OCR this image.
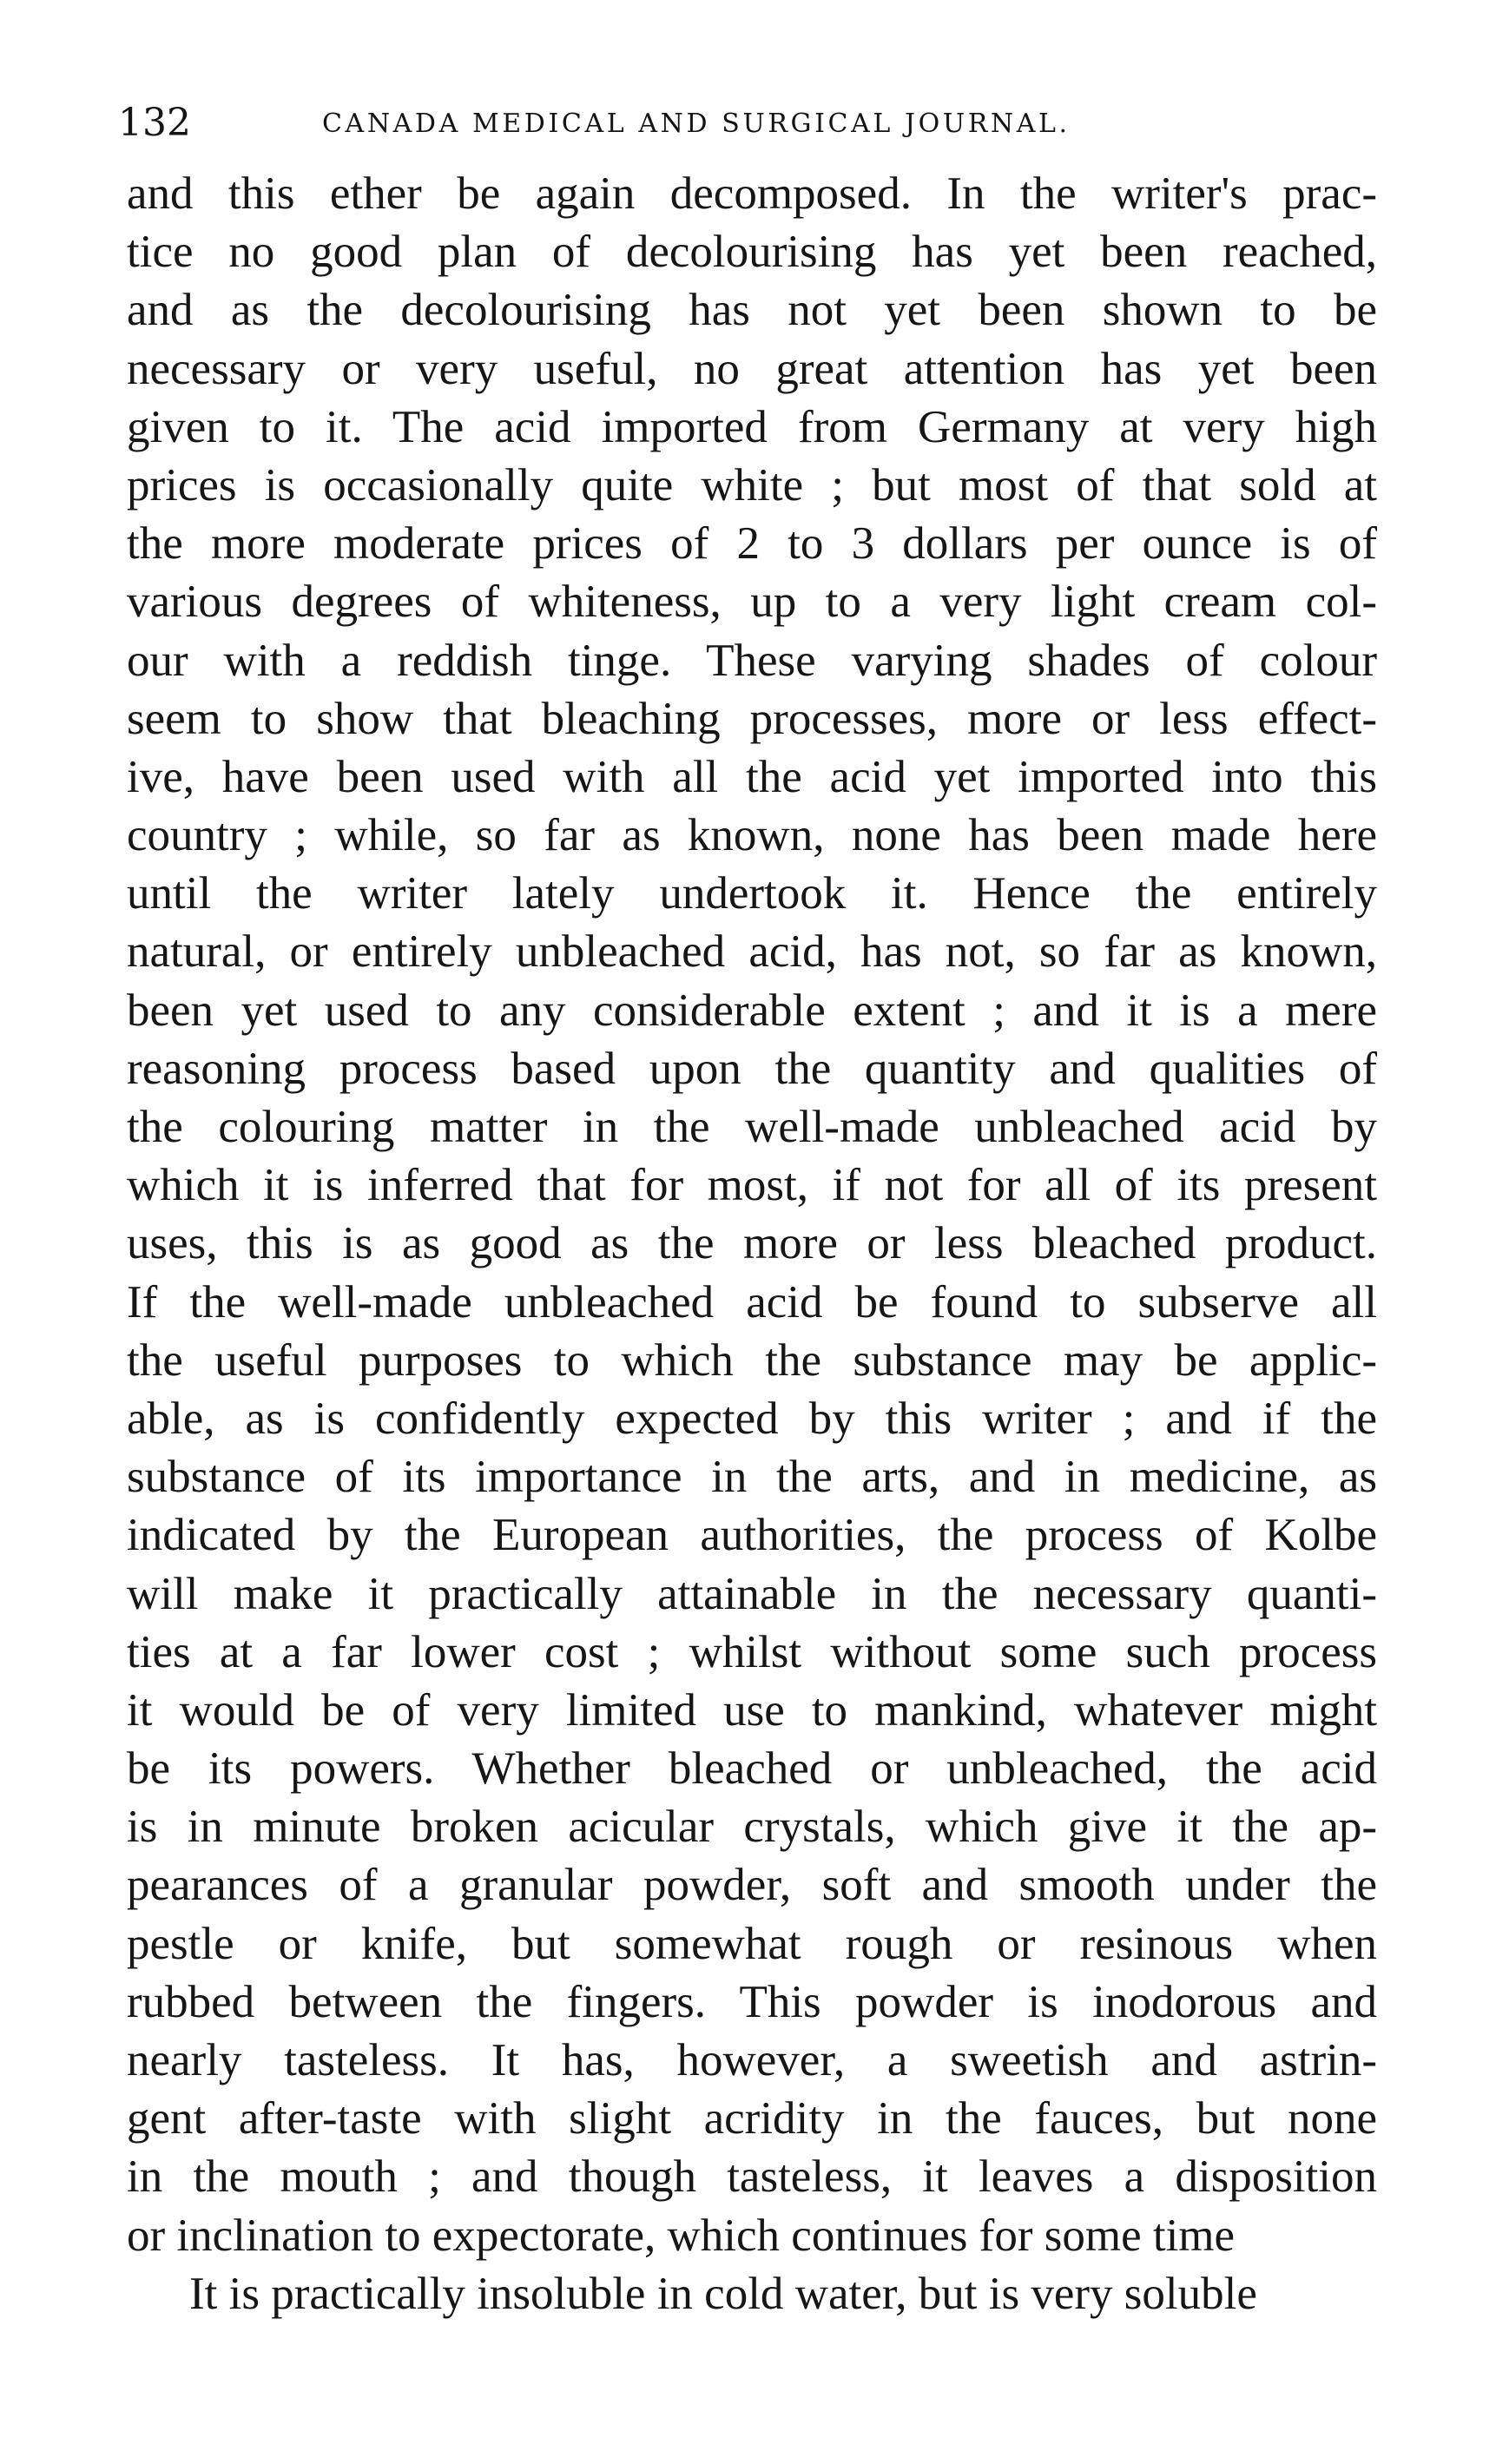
132	CANADA MEDICAL AND SURGICAL JOURNAL.
and this ether be again decomposed. In the writer's prac-
tice no good plan of decolourising has yet been reached,
and as the decolourising has not yet been shown to be
necessary or very useful, no great attention has yet been
given to it. The acid imported from Germany at very high
prices is occasionally quite white ; but most of that sold at
the more moderate prices of 2 to 3 dollars per ounce is of
various degrees of whiteness, up to a very light cream col-
our with a reddish tinge. These varying shades of colour
seem to show that bleaching processes, more or less effect-
ive, have been used with all the acid yet imported into this
country ; while, so far as known, none has been made here
until the writer lately undertook it. Hence the entirely
natural, or entirely unbleached acid, has not, so far as known,
been yet used to any considerable extent ; and it is a mere
reasoning process based upon the quantity and qualities of
the colouring matter in the well-made unbleached acid by
which it is inferred that for most, if not for all of its present
uses, this is as good as the more or less bleached product.
If the well-made unbleached acid be found to subserve all
the useful purposes to which the substance may be applic-
able, as is confidently expected by this writer ; and if the
substance of its importance in the arts, and in medicine, as
indicated by the European authorities, the process of Kolbe
will make it practically attainable in the necessary quanti-
ties at a far lower cost ; whilst without some such process
it would be of very limited use to mankind, whatever might
be its powers. Whether bleached or unbleached, the acid
is in minute broken acicular crystals, which give it the ap-
pearances of a granular powder, soft and smooth under the
pestle or knife, but somewhat rough or resinous when
rubbed between the fingers. This powder is inodorous and
nearly tasteless. It has, however, a sweetish and astrin-
gent after-taste with slight acridity in the fauces, but none
in the mouth ; and though tasteless, it leaves a disposition
or inclination to expectorate, which continues for some time
It is practically insoluble in cold water, but is very soluble
